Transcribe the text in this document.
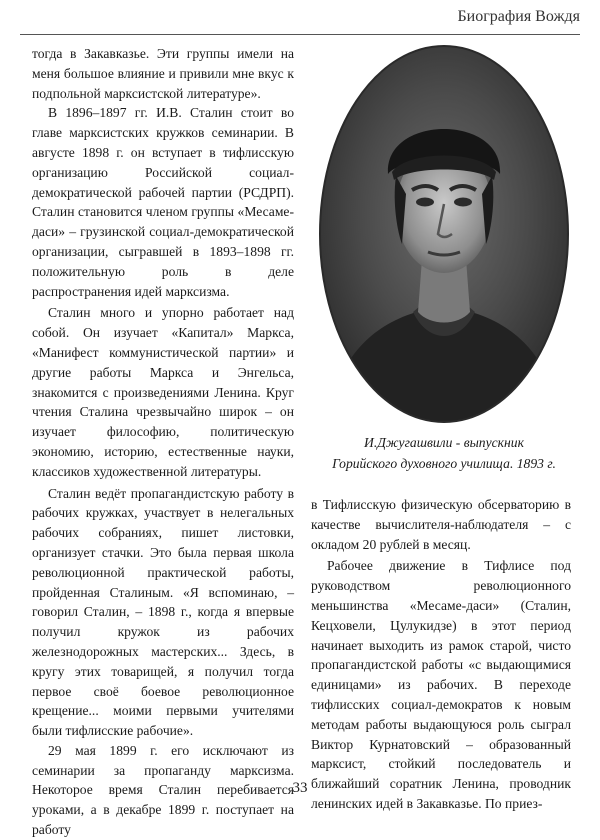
Биография Вождя

тогда в Закавказье. Эти группы имели на меня большое влияние и привили мне вкус к подпольной марксистской литературе».

В 1896–1897 гг. И.В. Сталин стоит во главе марксистских кружков семинарии. В августе 1898 г. он вступает в тифлисскую организацию Российской социал-демократической рабочей партии (РСДРП). Сталин становится членом группы «Месаме-даси» – грузинской социал-демократической организации, сыгравшей в 1893–1898 гг. положительную роль в деле распространения идей марксизма.

Сталин много и упорно работает над собой. Он изучает «Капитал» Маркса, «Манифест коммунистической партии» и другие работы Маркса и Энгельса, знакомится с произведениями Ленина. Круг чтения Сталина чрезвычайно широк – он изучает философию, политическую экономию, историю, естественные науки, классиков художественной литературы.

Сталин ведёт пропагандистскую работу в рабочих кружках, участвует в нелегальных рабочих собраниях, пишет листовки, организует стачки. Это была первая школа революционной практической работы, пройденная Сталиным. «Я вспоминаю, – говорил Сталин, – 1898 г., когда я впервые получил кружок из рабочих железнодорожных мастерских... Здесь, в кругу этих товарищей, я получил тогда первое своё боевое революционное крещение... моими первыми учителями были тифлисские рабочие».

29 мая 1899 г. его исключают из семинарии за пропаганду марксизма. Некоторое время Сталин перебивается уроками, а в декабре 1899 г. поступает на работу

И.Джугашвили - выпускник
Горийского духовного училища. 1893 г.

в Тифлисскую физическую обсерваторию в качестве вычислителя-наблюдателя – с окладом 20 рублей в месяц.

Рабочее движение в Тифлисе под руководством революционного меньшинства «Месаме-даси» (Сталин, Кецховели, Цулукидзе) в этот период начинает выходить из рамок старой, чисто пропагандистской работы «с выдающимися единицами» из рабочих. В переходе тифлисских социал-демократов к новым методам работы выдающуюся роль сыграл Виктор Курнатовский – образованный марксист, стойкий последователь и ближайший соратник Ленина, проводник ленинских идей в Закавказье. По приез-

33
